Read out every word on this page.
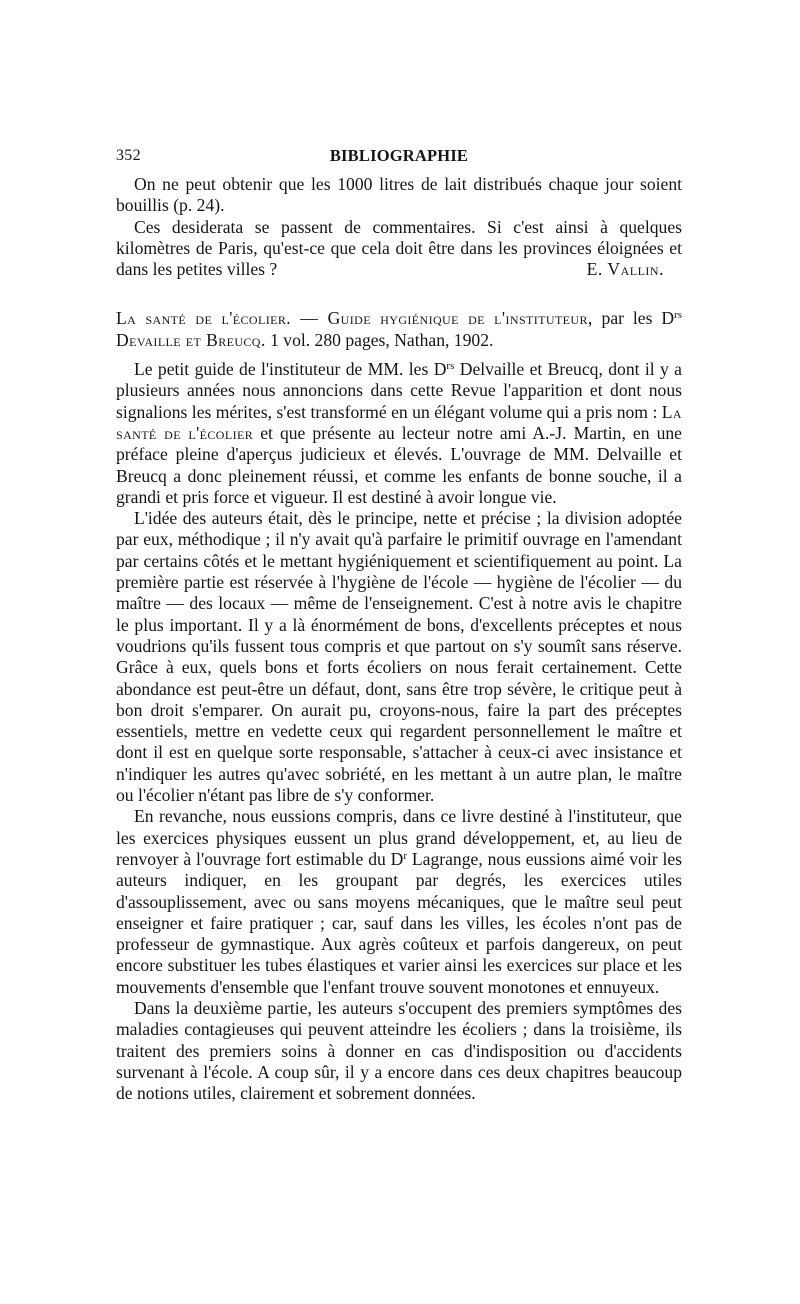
352	BIBLIOGRAPHIE

On ne peut obtenir que les 1000 litres de lait distribués chaque jour soient bouillis (p. 24).

Ces desiderata se passent de commentaires. Si c'est ainsi à quelques kilomètres de Paris, qu'est-ce que cela doit être dans les provinces éloignées et dans les petites villes ?	E. Vallin.

La santé de l'écolier. — Guide hygiénique de l'instituteur, par les $D^{rs}$ Devaille et Breucq. 1 vol. 280 pages, Nathan, 1902.

Le petit guide de l'instituteur de MM. les $D^{rs}$ Delvaille et Breucq, dont il y a plusieurs années nous annoncions dans cette Revue l'apparition et dont nous signalions les mérites, s'est transformé en un élégant volume qui a pris nom : La santé de l'écolier et que présente au lecteur notre ami A.-J. Martin, en une préface pleine d'aperçus judicieux et élevés. L'ouvrage de MM. Delvaille et Breucq a donc pleinement réussi, et comme les enfants de bonne souche, il a grandi et pris force et vigueur. Il est destiné à avoir longue vie.

L'idée des auteurs était, dès le principe, nette et précise ; la division adoptée par eux, méthodique ; il n'y avait qu'à parfaire le primitif ouvrage en l'amendant par certains côtés et le mettant hygiéniquement et scientifiquement au point. La première partie est réservée à l'hygiène de l'école — hygiène de l'écolier — du maître — des locaux — même de l'enseignement. C'est à notre avis le chapitre le plus important. Il y a là énormément de bons, d'excellents préceptes et nous voudrions qu'ils fussent tous compris et que partout on s'y soumît sans réserve. Grâce à eux, quels bons et forts écoliers on nous ferait certainement. Cette abondance est peut-être un défaut, dont, sans être trop sévère, le critique peut à bon droit s'emparer. On aurait pu, croyons-nous, faire la part des préceptes essentiels, mettre en vedette ceux qui regardent personnellement le maître et dont il est en quelque sorte responsable, s'attacher à ceux-ci avec insistance et n'indiquer les autres qu'avec sobriété, en les mettant à un autre plan, le maître ou l'écolier n'étant pas libre de s'y conformer.

En revanche, nous eussions compris, dans ce livre destiné à l'instituteur, que les exercices physiques eussent un plus grand développement, et, au lieu de renvoyer à l'ouvrage fort estimable du $D^r$ Lagrange, nous eussions aimé voir les auteurs indiquer, en les groupant par degrés, les exercices utiles d'assouplissement, avec ou sans moyens mécaniques, que le maître seul peut enseigner et faire pratiquer ; car, sauf dans les villes, les écoles n'ont pas de professeur de gymnastique. Aux agrès coûteux et parfois dangereux, on peut encore substituer les tubes élastiques et varier ainsi les exercices sur place et les mouvements d'ensemble que l'enfant trouve souvent monotones et ennuyeux.

Dans la deuxième partie, les auteurs s'occupent des premiers symptômes des maladies contagieuses qui peuvent atteindre les écoliers ; dans la troisième, ils traitent des premiers soins à donner en cas d'indisposition ou d'accidents survenant à l'école. A coup sûr, il y a encore dans ces deux chapitres beaucoup de notions utiles, clairement et sobrement données.
